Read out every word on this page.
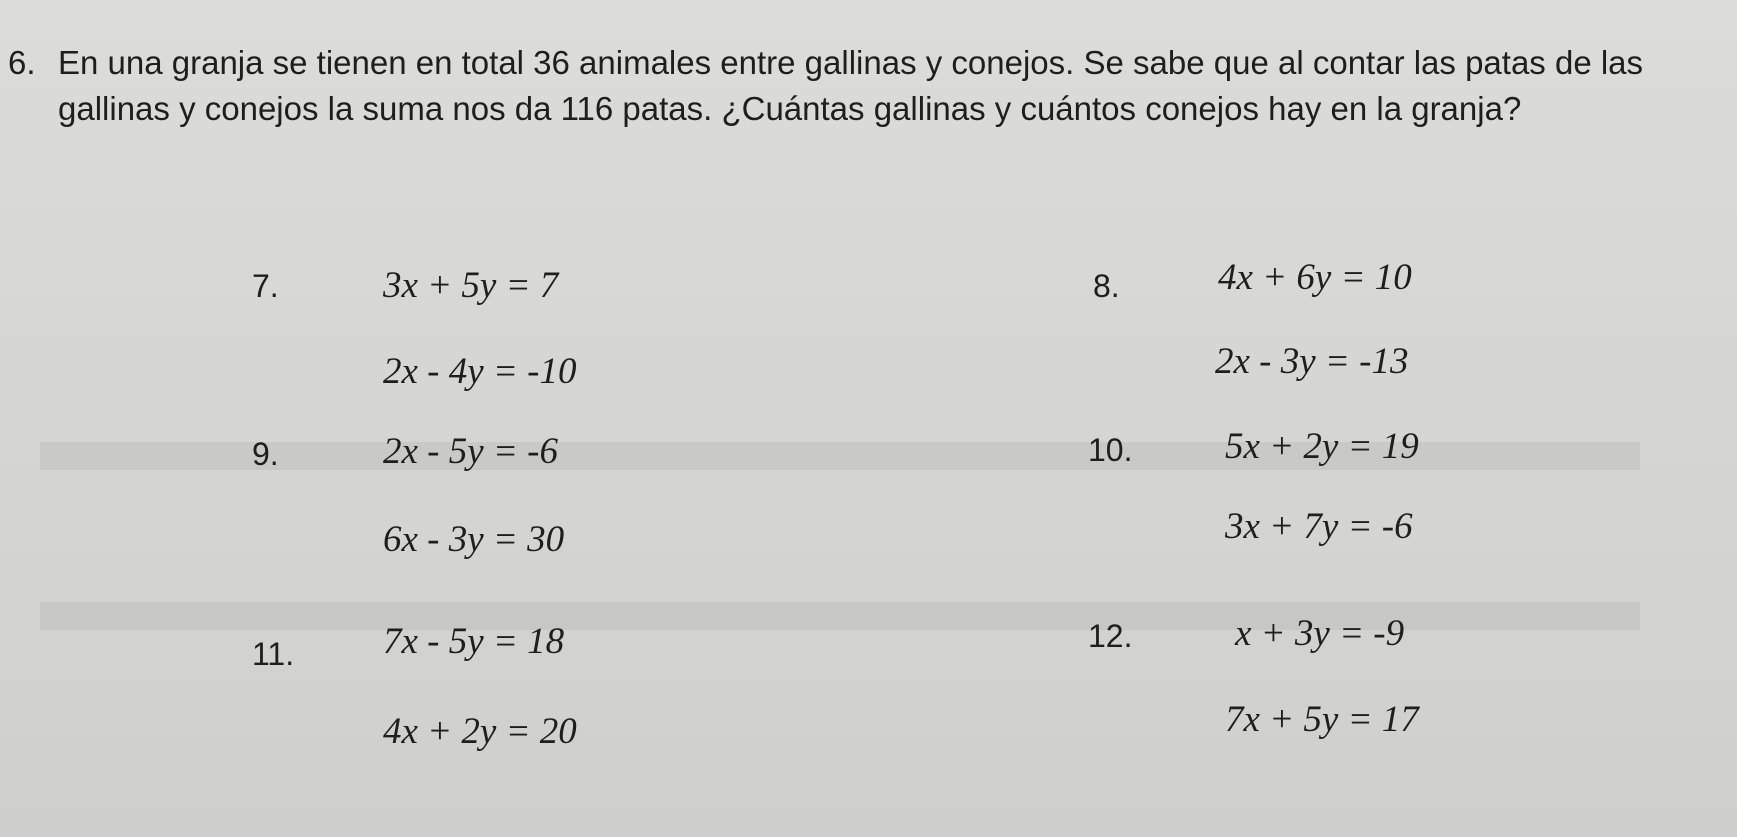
6. En una granja se tienen en total 36 animales entre gallinas y conejos. Se sabe que al contar las patas de las gallinas y conejos la suma nos da 116 patas. ¿Cuántas gallinas y cuántos conejos hay en la granja?
7.	3x + 5y = 7
2x - 4y = -10
8.	4x + 6y = 10
2x - 3y = -13
9.	2x - 5y = -6
6x - 3y = 30
10.	5x + 2y = 19
3x + 7y = -6
11. 7x - 5y = 18
4x + 2y = 20
12.	x + 3y = -9
7x + 5y = 17
